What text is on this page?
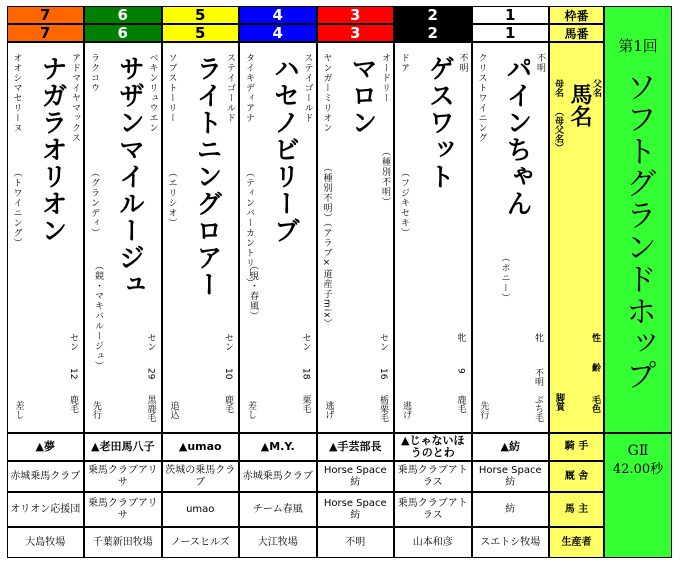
1
1
不明
パインちゃん
クリストワイニング
（ポニー）
牝
不明
ぶち毛
先行
▲紡
Horse Space紡
紡
スエトシ牧場
2
2
不明
ゲスワット
ドア
（フジキセキ）
牝
9
鹿毛
逃げ
▲じゃないほうのとわ
乗馬クラブアトラス
乗馬クラブアトラス
山本和彦
3
3
オードリー
（種別不明）
マロン
ヤンガーミリオン
（種別不明）
（アラブ×道産子mix）
セン
16
栃栗毛
逃げ
▲手芸部長
Horse Space紡
Horse Space紡
不明
4
4
ステイゴールド
ハセノビリーブ
（現・春風）
タイキディアナ
（ティンバーカントリー）
セン
18
栗毛
差し
▲M.Y.
赤城乗馬クラブ
チーム春風
大江牧場
5
5
ステイゴールド
ライトニングロアー
ソブストーリー
（エリシオ）
セン
10
鹿毛
追込
▲umao
茨城の乗馬クラブ
umao
ノースヒルズ
6
6
ベキンリュウエン
サザンマイルージュ
（競・マキバルージュ）
ラクコウ
（グランディ）
セン
29
黒鹿毛
先行
▲老田馬八子
乗馬クラブアリサ
乗馬クラブアリサ
千葉新田牧場
7
7
アドマイヤマックス
ナガラオリオン
オオシマセリーヌ
（トワイニング）
セン
12
鹿毛
差し
▲夢
赤城乗馬クラブ
オリオン応援団
大島牧場
枠番
馬番
父名
馬名
母名
（母父名）
性
齢
毛色
脚質
騎 手
厩 舎
馬 主
生産者
第1回
ソフトグランドホップ
GⅡ
42.00秒
